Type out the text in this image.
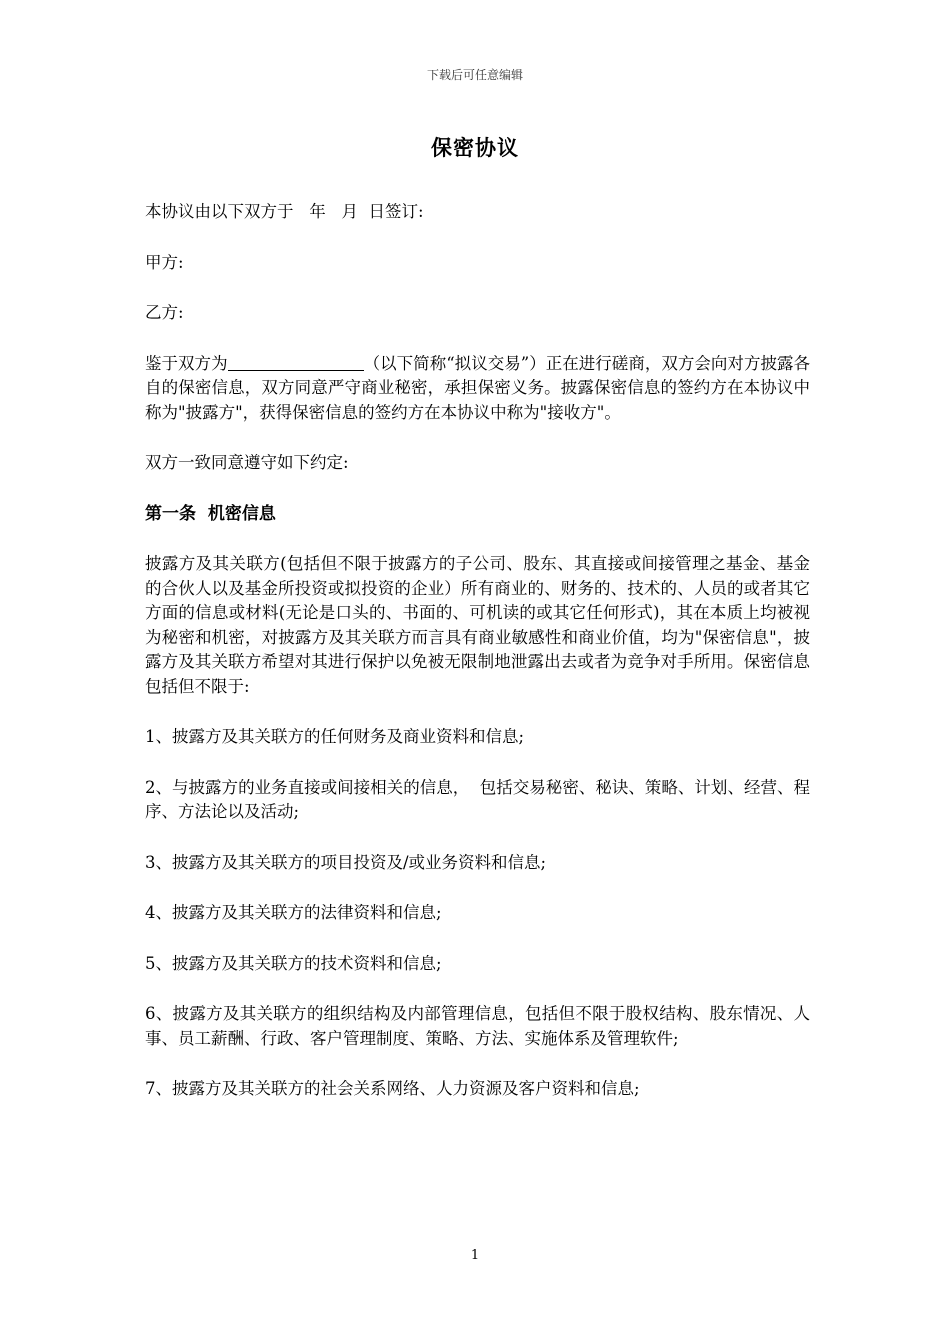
下载后可任意编辑
保密协议

本协议由以下双方于   年   月  日签订:

甲方:

乙方:

鉴于双方为	（以下简称“拟议交易”）正在进行磋商，双方会向对方披露各自的保密信息，双方同意严守商业秘密，承担保密义务。披露保密信息的签约方在本协议中称为"披露方"，获得保密信息的签约方在本协议中称为"接收方"。

双方一致同意遵守如下约定:

第一条  机密信息

披露方及其关联方(包括但不限于披露方的子公司、股东、其直接或间接管理之基金、基金的合伙人以及基金所投资或拟投资的企业）所有商业的、财务的、技术的、人员的或者其它方面的信息或材料(无论是口头的、书面的、可机读的或其它任何形式)，其在本质上均被视为秘密和机密，对披露方及其关联方而言具有商业敏感性和商业价值，均为"保密信息"，披露方及其关联方希望对其进行保护以免被无限制地泄露出去或者为竞争对手所用。保密信息包括但不限于:

1、披露方及其关联方的任何财务及商业资料和信息;

2、与披露方的业务直接或间接相关的信息，  包括交易秘密、秘诀、策略、计划、经营、程序、方法论以及活动;

3、披露方及其关联方的项目投资及/或业务资料和信息;

4、披露方及其关联方的法律资料和信息;

5、披露方及其关联方的技术资料和信息;

6、披露方及其关联方的组织结构及内部管理信息，包括但不限于股权结构、股东情况、人事、员工薪酬、行政、客户管理制度、策略、方法、实施体系及管理软件;

7、披露方及其关联方的社会关系网络、人力资源及客户资料和信息;

1
